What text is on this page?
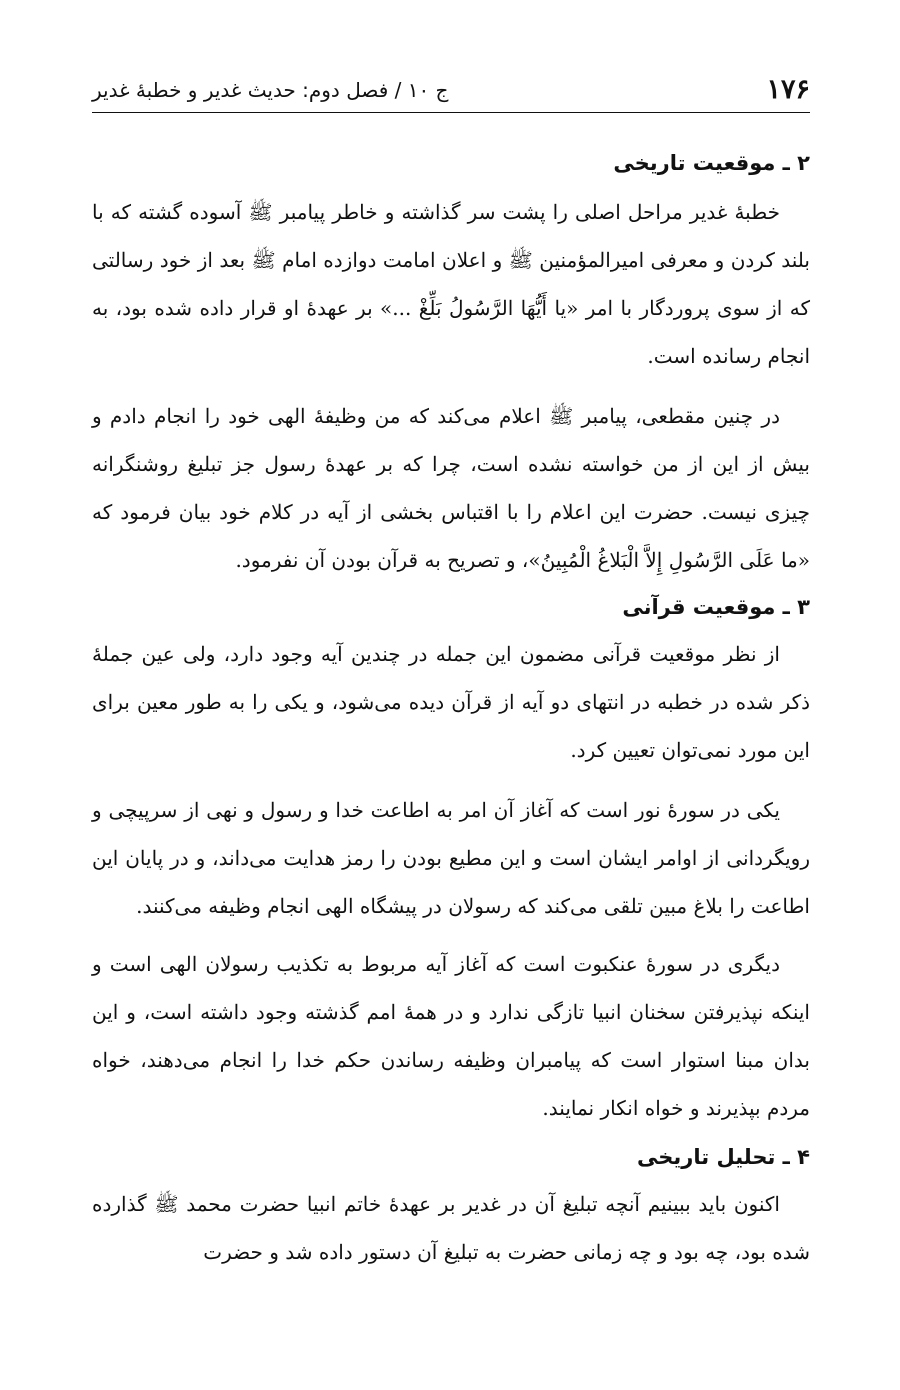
۱۷۶
ج ۱۰ / فصل دوم: حدیث غدیر و خطبهٔ غدیر
۲ ـ موقعیت تاریخی

خطبهٔ غدیر مراحل اصلی را پشت سر گذاشته و خاطر پیامبر ﷺ آسوده گشته که با بلند کردن و معرفی امیرالمؤمنین ﷺ و اعلان امامت دوازده امام ﷺ بعد از خود رسالتی که از سوی پروردگار با امر «یا أَیُّهَا الرَّسُولُ بَلِّغْ ...» بر عهدهٔ او قرار داده شده بود، به انجام رسانده است.

در چنین مقطعی، پیامبر ﷺ اعلام می‌کند که من وظیفهٔ الهی خود را انجام دادم و بیش از این از من خواسته نشده است، چرا که بر عهدهٔ رسول جز تبلیغ روشنگرانه چیزی نیست. حضرت این اعلام را با اقتباس بخشی از آیه در کلام خود بیان فرمود که «ما عَلَى الرَّسُولِ إِلاَّ الْبَلاغُ الْمُبِینُ»، و تصریح به قرآن بودن آن نفرمود.

۳ ـ موقعیت قرآنی

از نظر موقعیت قرآنی مضمون این جمله در چندین آیه وجود دارد، ولی عین جملهٔ ذکر شده در خطبه در انتهای دو آیه از قرآن دیده می‌شود، و یکی را به طور معین برای این مورد نمی‌توان تعیین کرد.

یکی در سورهٔ نور است که آغاز آن امر به اطاعت خدا و رسول و نهی از سرپیچی و رویگردانی از اوامر ایشان است و این مطیع بودن را رمز هدایت می‌داند، و در پایان این اطاعت را بلاغ مبین تلقی می‌کند که رسولان در پیشگاه الهی انجام وظیفه می‌کنند.

دیگری در سورهٔ عنکبوت است که آغاز آیه مربوط به تکذیب رسولان الهی است و اینکه نپذیرفتن سخنان انبیا تازگی ندارد و در همهٔ امم گذشته وجود داشته است، و این بدان مبنا استوار است که پیامبران وظیفه رساندن حکم خدا را انجام می‌دهند، خواه مردم بپذیرند و خواه انکار نمایند.

۴ ـ تحلیل تاریخی

اکنون باید ببینیم آنچه تبلیغ آن در غدیر بر عهدهٔ خاتم انبیا حضرت محمد ﷺ گذارده شده بود، چه بود و چه زمانی حضرت به تبلیغ آن دستور داده شد و حضرت
